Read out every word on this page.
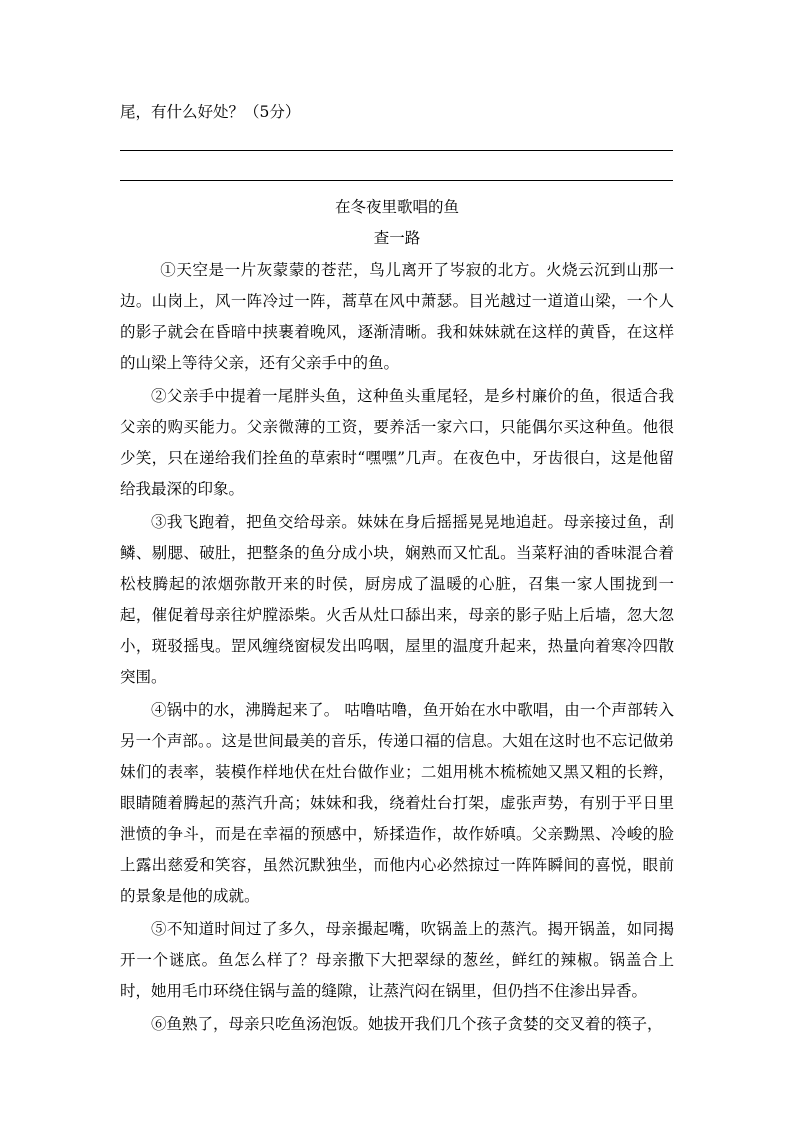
尾，有什么好处？（5分）
在冬夜里歌唱的鱼
查一路

①天空是一片灰蒙蒙的苍茫，鸟儿离开了岑寂的北方。火烧云沉到山那一边。山岗上，风一阵冷过一阵，蒿草在风中萧瑟。目光越过一道道山梁，一个人的影子就会在昏暗中挟裹着晚风，逐渐清晰。我和妹妹就在这样的黄昏，在这样的山梁上等待父亲，还有父亲手中的鱼。

②父亲手中提着一尾胖头鱼，这种鱼头重尾轻，是乡村廉价的鱼，很适合我父亲的购买能力。父亲微薄的工资，要养活一家六口，只能偶尔买这种鱼。他很少笑，只在递给我们拴鱼的草索时“嘿嘿”几声。在夜色中，牙齿很白，这是他留给我最深的印象。

③我飞跑着，把鱼交给母亲。妹妹在身后摇摇晃晃地追赶。母亲接过鱼，刮鳞、剔腮、破肚，把整条的鱼分成小块，娴熟而又忙乱。当菜籽油的香味混合着松枝腾起的浓烟弥散开来的时侯，厨房成了温暖的心脏，召集一家人围拢到一起，催促着母亲往炉膛添柴。火舌从灶口舔出来，母亲的影子贴上后墙，忽大忽小，斑驳摇曳。罡风缠绕窗棂发出呜咽，屋里的温度升起来，热量向着寒冷四散突围。

④锅中的水，沸腾起来了。 咕噜咕噜，鱼开始在水中歌唱，由一个声部转入另一个声部。。这是世间最美的音乐，传递口福的信息。大姐在这时也不忘记做弟妹们的表率，装模作样地伏在灶台做作业；二姐用桃木梳梳她又黑又粗的长辫，眼睛随着腾起的蒸汽升高；妹妹和我，绕着灶台打架，虚张声势，有别于平日里泄愤的争斗，而是在幸福的预感中，矫揉造作，故作娇嗔。父亲黝黑、冷峻的脸上露出慈爱和笑容，虽然沉默独坐，而他内心必然掠过一阵阵瞬间的喜悦，眼前的景象是他的成就。

⑤不知道时间过了多久，母亲撮起嘴，吹锅盖上的蒸汽。揭开锅盖，如同揭开一个谜底。鱼怎么样了？母亲撒下大把翠绿的葱丝，鲜红的辣椒。锅盖合上时，她用毛巾环绕住锅与盖的缝隙，让蒸汽闷在锅里，但仍挡不住渗出异香。

⑥鱼熟了，母亲只吃鱼汤泡饭。她拔开我们几个孩子贪婪的交叉着的筷子，
